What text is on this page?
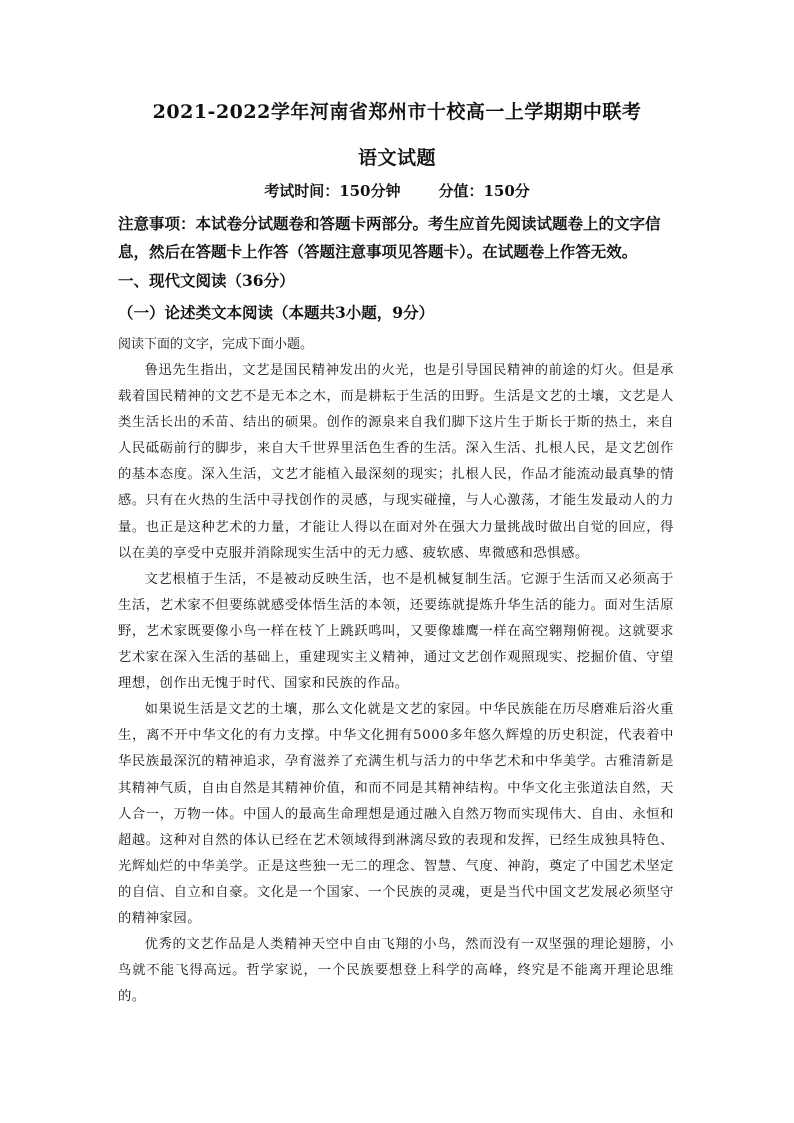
2021-2022学年河南省郑州市十校高一上学期期中联考
语文试题
考试时间：150分钟	分值：150分
注意事项：本试卷分试题卷和答题卡两部分。考生应首先阅读试题卷上的文字信息，然后在答题卡上作答（答题注意事项见答题卡）。在试题卷上作答无效。
一、现代文阅读（36分）
（一）论述类文本阅读（本题共3小题，9分）
阅读下面的文字，完成下面小题。

鲁迅先生指出，文艺是国民精神发出的火光，也是引导国民精神的前途的灯火。但是承载着国民精神的文艺不是无本之木，而是耕耘于生活的田野。生活是文艺的土壤，文艺是人类生活长出的禾苗、结出的硕果。创作的源泉来自我们脚下这片生于斯长于斯的热土，来自人民砥砺前行的脚步，来自大千世界里活色生香的生活。深入生活、扎根人民，是文艺创作的基本态度。深入生活，文艺才能植入最深刻的现实；扎根人民，作品才能流动最真挚的情感。只有在火热的生活中寻找创作的灵感，与现实碰撞，与人心激荡，才能生发最动人的力量。也正是这种艺术的力量，才能让人得以在面对外在强大力量挑战时做出自觉的回应，得以在美的享受中克服并消除现实生活中的无力感、疲软感、卑微感和恐惧感。

文艺根植于生活，不是被动反映生活，也不是机械复制生活。它源于生活而又必须高于生活，艺术家不但要练就感受体悟生活的本领，还要练就提炼升华生活的能力。面对生活原野，艺术家既要像小鸟一样在枝丫上跳跃鸣叫，又要像雄鹰一样在高空翱翔俯视。这就要求艺术家在深入生活的基础上，重建现实主义精神，通过文艺创作观照现实、挖掘价值、守望理想，创作出无愧于时代、国家和民族的作品。

如果说生活是文艺的土壤，那么文化就是文艺的家园。中华民族能在历尽磨难后浴火重生，离不开中华文化的有力支撑。中华文化拥有5000多年悠久辉煌的历史积淀，代表着中华民族最深沉的精神追求，孕育滋养了充满生机与活力的中华艺术和中华美学。古雅清新是其精神气质，自由自然是其精神价值，和而不同是其精神结构。中华文化主张道法自然，天人合一，万物一体。中国人的最高生命理想是通过融入自然万物而实现伟大、自由、永恒和超越。这种对自然的体认已经在艺术领域得到淋漓尽致的表现和发挥，已经生成独具特色、光辉灿烂的中华美学。正是这些独一无二的理念、智慧、气度、神韵，奠定了中国艺术坚定的自信、自立和自豪。文化是一个国家、一个民族的灵魂，更是当代中国文艺发展必须坚守的精神家园。

优秀的文艺作品是人类精神天空中自由飞翔的小鸟，然而没有一双坚强的理论翅膀，小鸟就不能飞得高远。哲学家说，一个民族要想登上科学的高峰，终究是不能离开理论思维的。
